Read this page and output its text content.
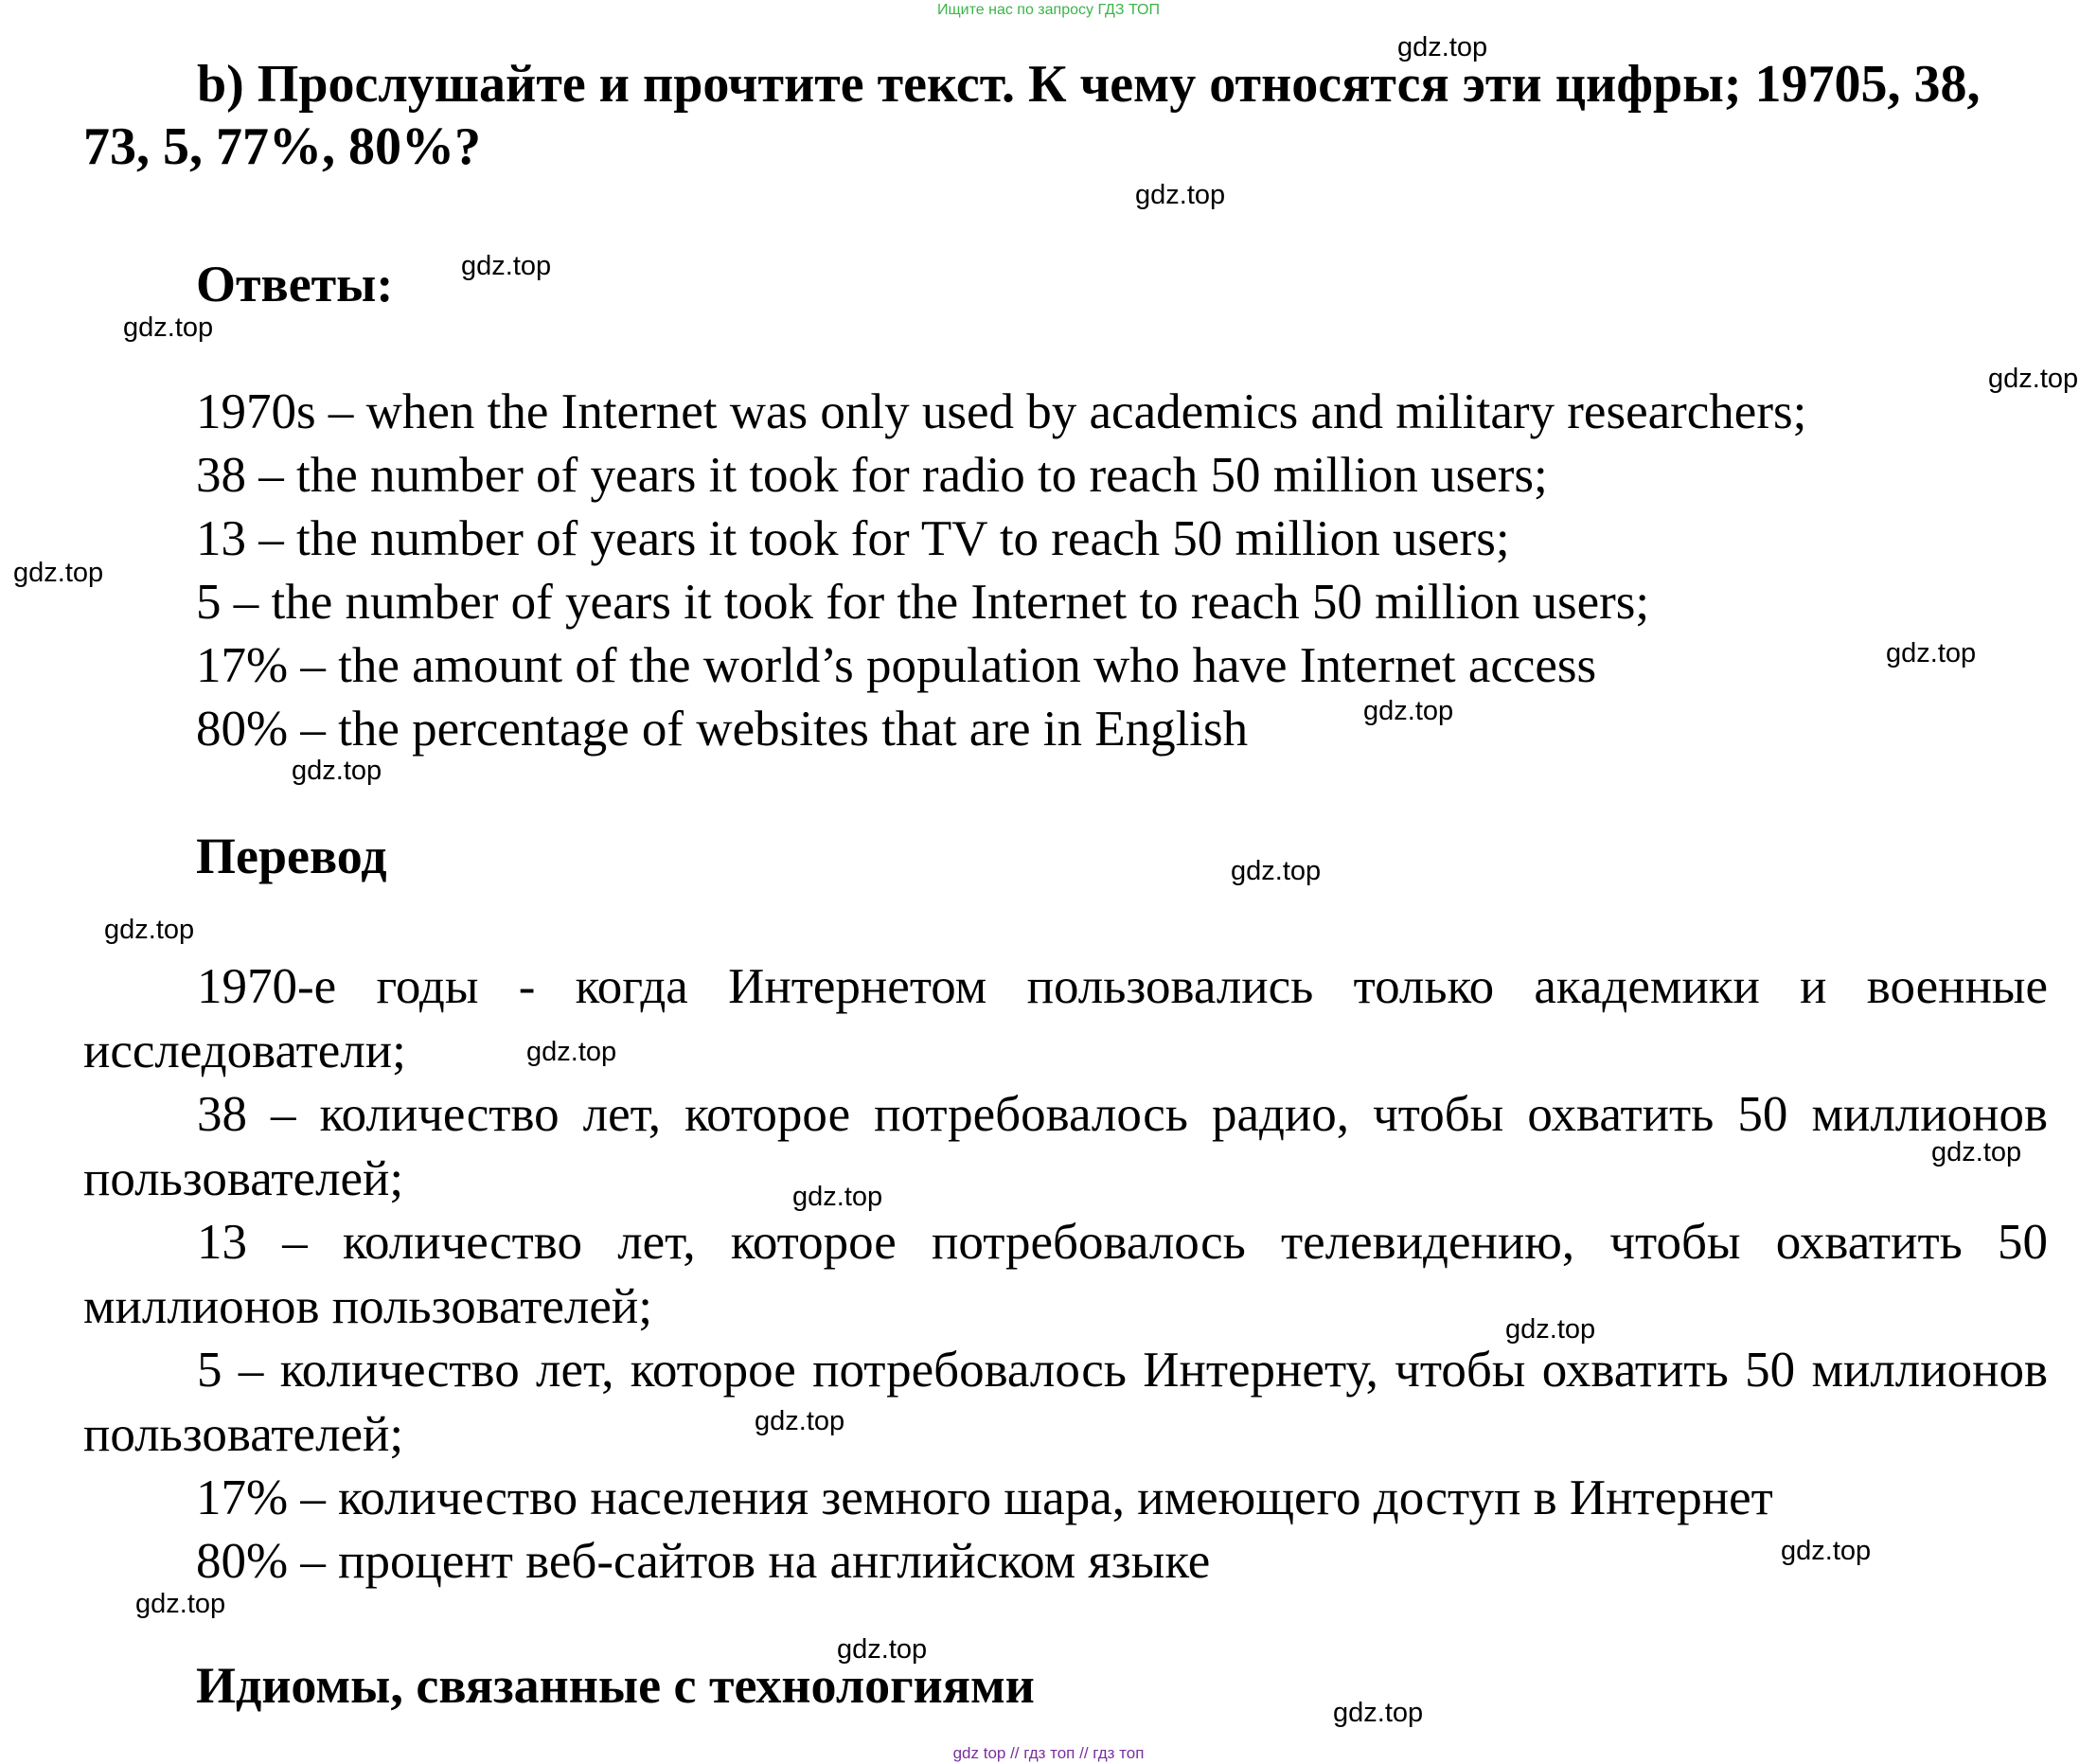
Ищите нас по запросу ГДЗ ТОП
b) Прослушайте и прочтите текст. К чему относятся эти цифры; 19705, 38, 73, 5, 77%, 80%?
Ответы:
1970s – when the Internet was only used by academics and military researchers;
38 – the number of years it took for radio to reach 50 million users;
13 – the number of years it took for TV to reach 50 million users;
5 – the number of years it took for the Internet to reach 50 million users;
17% – the amount of the world’s population who have Internet access
80% – the percentage of websites that are in English
Перевод
1970-е годы - когда Интернетом пользовались только академики и военные исследователи;
38 – количество лет, которое потребовалось радио, чтобы охватить 50 миллионов пользователей;
13 – количество лет, которое потребовалось телевидению, чтобы охватить 50 миллионов пользователей;
5 – количество лет, которое потребовалось Интернету, чтобы охватить 50 миллионов пользователей;
17% – количество населения земного шара, имеющего доступ в Интернет
80% – процент веб-сайтов на английском языке
Идиомы, связанные с технологиями
gdz.top
gdz.top
gdz.top
gdz.top
gdz.top
gdz.top
gdz.top
gdz.top
gdz.top
gdz.top
gdz.top
gdz.top
gdz.top
gdz.top
gdz.top
gdz.top
gdz.top
gdz.top
gdz.top
gdz.top
gdz top // гдз топ // гдз топ
